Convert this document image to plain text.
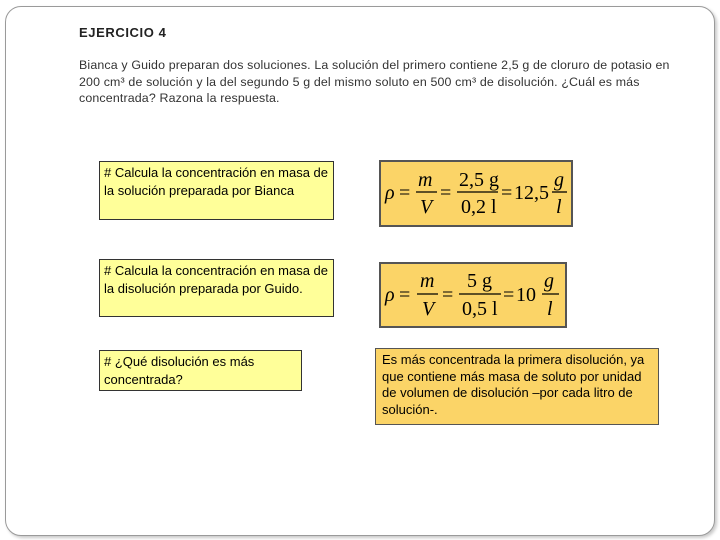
EJERCICIO 4
Bianca y Guido preparan dos soluciones. La solución del primero contiene 2,5 g de cloruro de potasio en 200 cm³ de solución y la del segundo 5 g del mismo soluto en 500 cm³ de disolución. ¿Cuál es más concentrada? Razona la respuesta.
# Calcula la concentración en masa de la solución preparada por Bianca	ρ =
m
V
=
2,5 g
0,2 l
= 12,5
g
l
# Calcula la concentración en masa de la disolución preparada por Guido.	ρ =
m
V
=
5 g
0,5 l
= 10
g
l
# ¿Qué disolución es más concentrada?
Es más concentrada la primera disolución, ya que contiene más masa de soluto por unidad de volumen de disolución –por cada litro de solución-.
